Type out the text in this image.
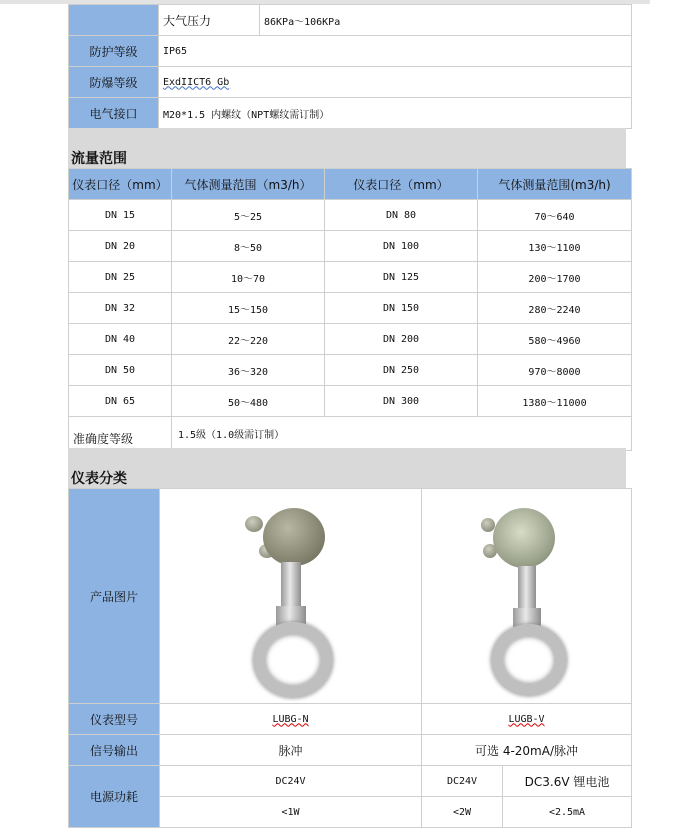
	大气压力	86KPa～106KPa
防护等级	IP65	
防爆等级	ExdIICT6 Gb	
电气接口	M20*1.5 内螺纹（NPT螺纹需订制）	
流量范围
仪表口径（mm）	气体测量范围（m3/h）	仪表口径（mm）	气体测量范围(m3/h)
DN 15	5～25	DN 80	70～640
DN 20	8～50	DN 100	130～1100
DN 25	10～70	DN 125	200～1700
DN 32	15～150	DN 150	280～2240
DN 40	22～220	DN 200	580～4960
DN 50	36～320	DN 250	970～8000
DN 65	50～480	DN 300	1380～11000
准确度等级	1.5级（1.0级需订制）		
仪表分类
产品图片		

仪表型号	LUBG-N	LUGB-V	
信号输出	脉冲	可选 4-20mA/脉冲	
电源功耗	DC24V	DC24V	DC3.6V 锂电池
	<1W	<2W	<2.5mA
